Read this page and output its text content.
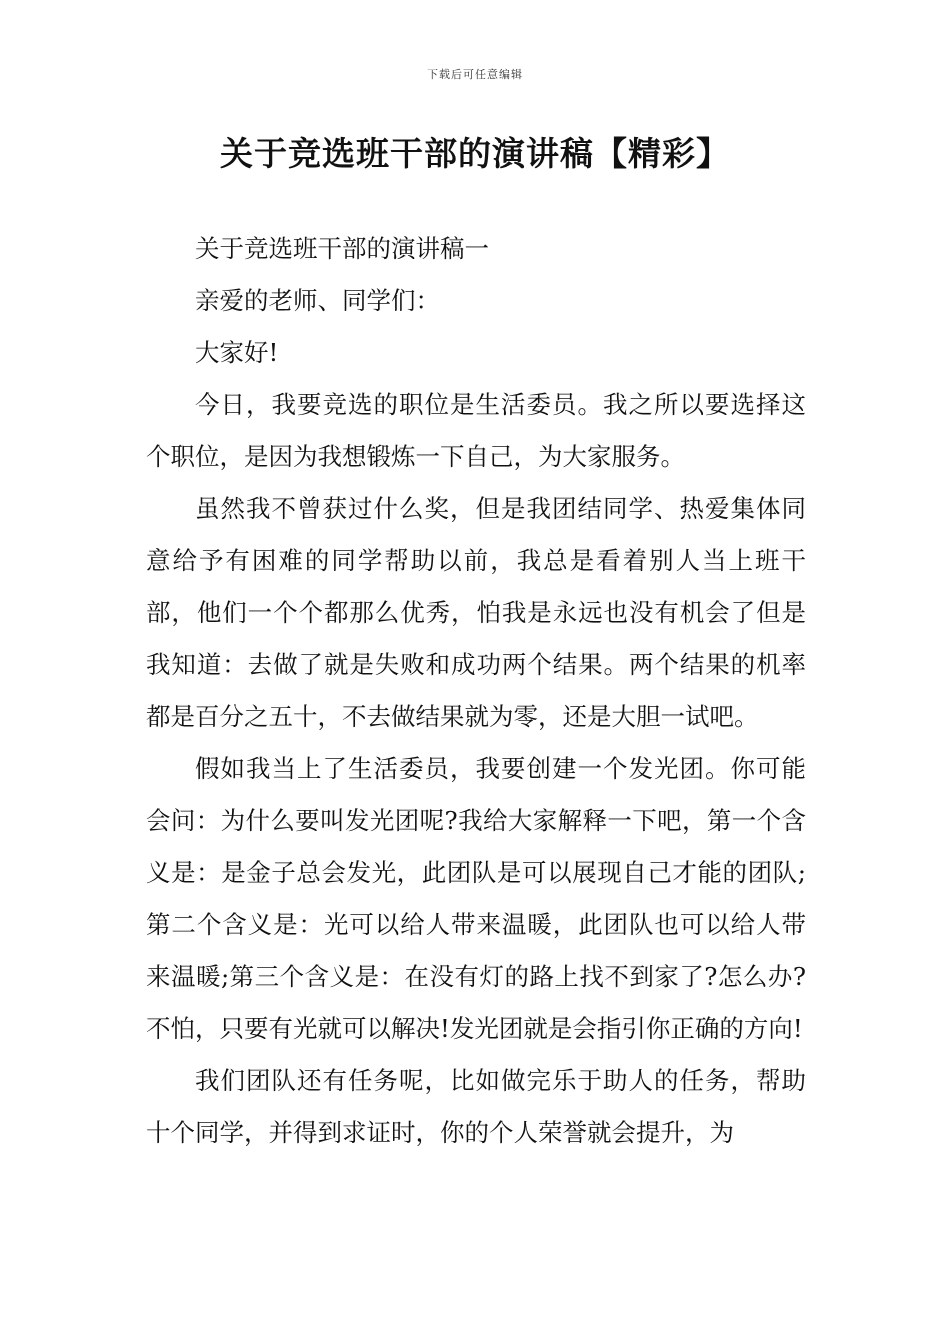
下载后可任意编辑
关于竞选班干部的演讲稿【精彩】

关于竞选班干部的演讲稿一

亲爱的老师、同学们：

大家好!

今日，我要竞选的职位是生活委员。我之所以要选择这个职位，是因为我想锻炼一下自己，为大家服务。

虽然我不曾获过什么奖，但是我团结同学、热爱集体同意给予有困难的同学帮助以前，我总是看着别人当上班干部，他们一个个都那么优秀，怕我是永远也没有机会了但是我知道：去做了就是失败和成功两个结果。两个结果的机率都是百分之五十，不去做结果就为零，还是大胆一试吧。

假如我当上了生活委员，我要创建一个发光团。你可能会问：为什么要叫发光团呢?我给大家解释一下吧，第一个含义是：是金子总会发光，此团队是可以展现自己才能的团队;第二个含义是：光可以给人带来温暖，此团队也可以给人带来温暖;第三个含义是：在没有灯的路上找不到家了?怎么办?不怕，只要有光就可以解决!发光团就是会指引你正确的方向!

我们团队还有任务呢，比如做完乐于助人的任务，帮助十个同学，并得到求证时，你的个人荣誉就会提升，为
